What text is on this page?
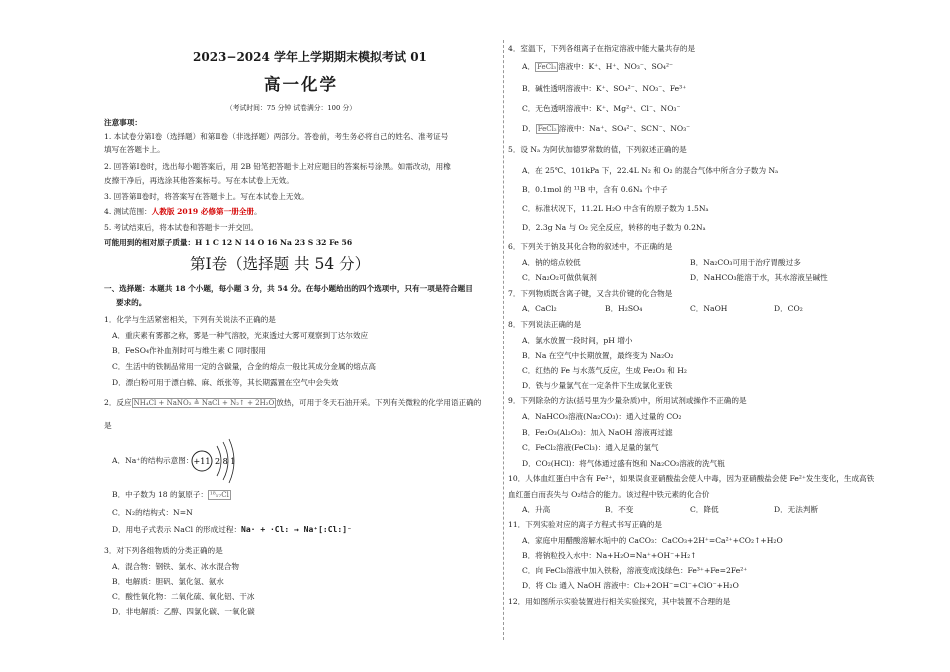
2023−2024 学年上学期期末模拟考试 01
高一化学
（考试时间：75 分钟 试卷满分：100 分）
注意事项：
1. 本试卷分第Ⅰ卷（选择题）和第Ⅱ卷（非选择题）两部分。答卷前，考生务必将自己的姓名、准考证号
填写在答题卡上。
2. 回答第Ⅰ卷时，选出每小题答案后，用 2B 铅笔把答题卡上对应题目的答案标号涂黑。如需改动，用橡
皮擦干净后，再选涂其他答案标号。写在本试卷上无效。
3. 回答第Ⅱ卷时，将答案写在答题卡上。写在本试卷上无效。
4. 测试范围：人教版 2019 必修第一册全册。
5. 考试结束后，将本试卷和答题卡一并交回。
可能用到的相对原子质量：H 1 C 12 N 14 O 16 Na 23 S 32 Fe 56
第Ⅰ卷（选择题 共 54 分）
一、选择题：本题共 18 个小题，每小题 3 分，共 54 分。在每小题给出的四个选项中，只有一项是符合题目
要求的。
1．化学与生活紧密相关，下列有关说法不正确的是
A．重庆素有雾都之称，雾是一种气溶胶，光束透过大雾可观察到丁达尔效应
B．FeSO₄作补血剂时可与维生素 C 同时服用
C．生活中的铁制品常用一定的含碳量，合金的熔点一般比其成分金属的熔点高
D．漂白粉可用于漂白棉、麻、纸张等，其长期露置在空气中会失效
2．反应 NH₄Cl + NaNO₂ ≜ NaCl + N₂↑ + 2H₂O 放热，可用于冬天石油开采。下列有关微粒的化学用语正确的
是
A．Na⁺的结构示意图：
B．中子数为 18 的氯原子： ¹⁸₁₇Cl
C．N₂的结构式：N=N
D．用电子式表示 NaCl 的形成过程：Na· + ·Cl: → Na⁺[:Cl:]⁻
3．对下列各组物质的分类正确的是
A．混合物：钢铁、氯水、冰水混合物
B．电解质：胆矾、氯化氢、氨水
C．酸性氧化物：二氧化硫、氧化铝、干冰
D．非电解质：乙醇、四氯化碳、一氧化碳
+11 2 8 1
4．室温下，下列各组离子在指定溶液中能大量共存的是
A． FeCl₃ 溶液中：K⁺、H⁺、NO₃⁻、SO₄²⁻
B．碱性透明溶液中：K⁺、SO₄²⁻、NO₃⁻、Fe³⁺
C．无色透明溶液中：K⁺、Mg²⁺、Cl⁻、NO₃⁻
D． FeCl₂ 溶液中：Na⁺、SO₄²⁻、SCN⁻、NO₃⁻
5．设 Nₐ 为阿伏加德罗常数的值，下列叙述正确的是
A．在 25℃、101kPa 下，22.4L N₂ 和 O₂ 的混合气体中所含分子数为 Nₐ
B．0.1mol 的 ¹¹B 中，含有 0.6Nₐ 个中子
C．标准状况下，11.2L H₂O 中含有的原子数为 1.5Nₐ
D．2.3g Na 与 O₂ 完全反应，转移的电子数为 0.2Nₐ
6．下列关于钠及其化合物的叙述中，不正确的是
A．钠的熔点较低	B．Na₂CO₃可用于治疗胃酸过多
C．Na₂O₂可做供氧剂	D．NaHCO₃能溶于水，其水溶液呈碱性
7．下列物质既含离子键，又含共价键的化合物是
A．CaCl₂	B．H₂SO₄	C．NaOH	D．CO₂
8．下列说法正确的是
A．氯水放置一段时间，pH 增小
B．Na 在空气中长期放置，最终变为 Na₂O₂
C．红热的 Fe 与水蒸气反应，生成 Fe₂O₃ 和 H₂
D．铁与少量氯气在一定条件下生成氯化亚铁
9．下列除杂的方法(括号里为少量杂质)中，所用试剂或操作不正确的是
A．NaHCO₃溶液(Na₂CO₃)：通入过量的 CO₂
B．Fe₂O₃(Al₂O₃)：加入 NaOH 溶液再过滤
C．FeCl₂溶液(FeCl₃)：通入足量的氯气
D．CO₂(HCl)：将气体通过盛有饱和 Na₂CO₃溶液的洗气瓶
10．人体血红蛋白中含有 Fe²⁺，如果误食亚硝酸盐会使人中毒，因为亚硝酸盐会使 Fe²⁺发生变化，生成高铁
血红蛋白而丧失与 O₂结合的能力。该过程中铁元素的化合价
A．升高	B．不变	C．降低	D．无法判断
11．下列实验对应的离子方程式书写正确的是
A．家庭中用醋酸溶解水垢中的 CaCO₃：CaCO₃+2H⁺=Ca²⁺+CO₂↑+H₂O
B．将钠粒投入水中：Na+H₂O=Na⁺+OH⁻+H₂↑
C．向 FeCl₃溶液中加入铁粉，溶液变成浅绿色：Fe³⁺+Fe=2Fe²⁺
D．将 Cl₂ 通入 NaOH 溶液中：Cl₂+2OH⁻=Cl⁻+ClO⁻+H₂O
12．用如图所示实验装置进行相关实验探究，其中装置不合理的是
